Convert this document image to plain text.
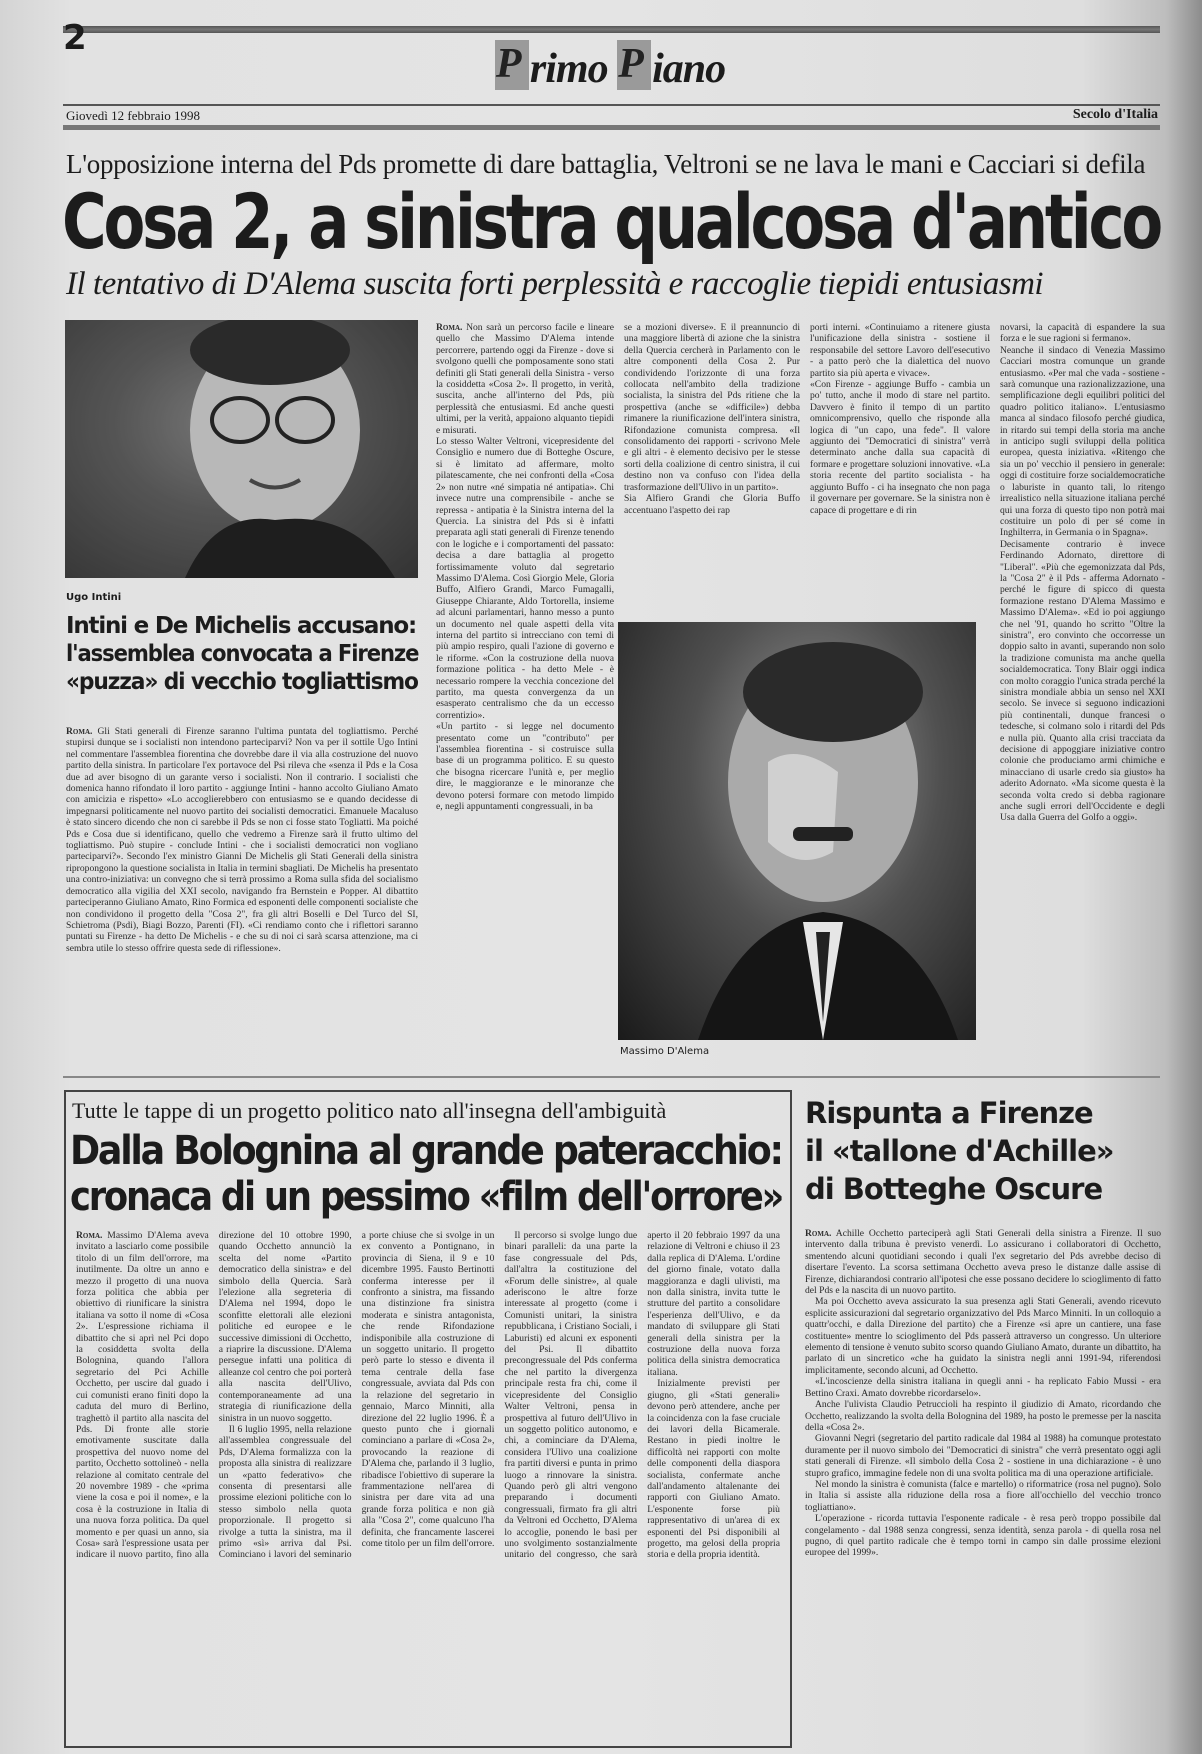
2
P rimo P iano
Giovedì 12 febbraio 1998	Secolo d'Italia
L'opposizione interna del Pds promette di dare battaglia, Veltroni se ne lava le mani e Cacciari si defila
Cosa 2, a sinistra qualcosa d'antico
Il tentativo di D'Alema suscita forti perplessità e raccoglie tiepidi entusiasmi
Ugo Intini
Intini e De Michelis accusano:
l'assemblea convocata a Firenze
«puzza» di vecchio togliattismo

Roma. Gli Stati generali di Firenze saranno l'ultima puntata del togliattismo. Perché stupirsi dunque se i socialisti non intendono parteciparvi? Non va per il sottile Ugo Intini nel commentare l'assemblea fiorentina che dovrebbe dare il via alla costruzione del nuovo partito della sinistra. In particolare l'ex portavoce del Psi rileva che «senza il Pds e la Cosa due ad aver bisogno di un garante verso i socialisti. Non il contrario. I socialisti che domenica hanno rifondato il loro partito - aggiunge Intini - hanno accolto Giuliano Amato con amicizia e rispetto» «Lo accoglierebbero con entusiasmo se e quando decidesse di impegnarsi politicamente nel nuovo partito dei socialisti democratici. Emanuele Macaluso è stato sincero dicendo che non ci sarebbe il Pds se non ci fosse stato Togliatti. Ma poiché Pds e Cosa due si identificano, quello che vedremo a Firenze sarà il frutto ultimo del togliattismo. Può stupire - conclude Intini - che i socialisti democratici non vogliano parteciparvi?». Secondo l'ex ministro Gianni De Michelis gli Stati Generali della sinistra ripropongono la questione socialista in Italia in termini sbagliati. De Michelis ha presentato una contro-iniziativa: un convegno che si terrà prossimo a Roma sulla sfida del socialismo democratico alla vigilia del XXI secolo, navigando fra Bernstein e Popper. Al dibattito parteciperanno Giuliano Amato, Rino Formica ed esponenti delle componenti socialiste che non condividono il progetto della "Cosa 2", fra gli altri Boselli e Del Turco del SI, Schietroma (Psdi), Biagi Bozzo, Parenti (FI). «Ci rendiamo conto che i riflettori saranno puntati su Firenze - ha detto De Michelis - e che su di noi ci sarà scarsa attenzione, ma ci sembra utile lo stesso offrire questa sede di riflessione».

Roma. Non sarà un percorso facile e lineare quello che Massimo D'Alema intende percorrere, partendo oggi da Firenze - dove si svolgono quelli che pomposamente sono stati definiti gli Stati generali della Sinistra - verso la cosiddetta «Cosa 2». Il progetto, in verità, suscita, anche all'interno del Pds, più perplessità che entusiasmi. Ed anche questi ultimi, per la verità, appaiono alquanto tiepidi e misurati.
Lo stesso Walter Veltroni, vicepresidente del Consiglio e numero due di Botteghe Oscure, si è limitato ad affermare, molto pilatescamente, che nei confronti della «Cosa 2» non nutre «né simpatia né antipatia». Chi invece nutre una comprensibile - anche se repressa - antipatia è la Sinistra interna del la Quercia. La sinistra del Pds si è infatti preparata agli stati generali di Firenze tenendo con le logiche e i comportamenti del passato: decisa a dare battaglia al progetto fortissimamente voluto dal segretario Massimo D'Alema. Così Giorgio Mele, Gloria Buffo, Alfiero Grandi, Marco Fumagalli, Giuseppe Chiarante, Aldo Tortorella, insieme ad alcuni parlamentari, hanno messo a punto un documento nel quale aspetti della vita interna del partito si intrecciano con temi di più ampio respiro, quali l'azione di governo e le riforme. «Con la costruzione della nuova formazione politica - ha detto Mele - è necessario rompere la vecchia concezione del partito, ma questa convergenza da un esasperato centralismo che da un eccesso correntizio».
«Un partito - si legge nel documento presentato come un "contributo" per l'assemblea fiorentina - si costruisce sulla base di un programma politico. E su questo che bisogna ricercare l'unità e, per meglio dire, le maggioranze e le minoranze che devono potersi formare con metodo limpido e, negli appuntamenti congressuali, in ba

se a mozioni diverse». E il preannuncio di una maggiore libertà di azione che la sinistra della Quercia cercherà in Parlamento con le altre componenti della Cosa 2. Pur condividendo l'orizzonte di una forza collocata nell'ambito della tradizione socialista, la sinistra del Pds ritiene che la prospettiva (anche se «difficile») debba rimanere la riunificazione dell'intera sinistra, Rifondazione comunista compresa. «Il consolidamento dei rapporti - scrivono Mele e gli altri - è elemento decisivo per le stesse sorti della coalizione di centro sinistra, il cui destino non va confuso con l'idea della trasformazione dell'Ulivo in un partito».
Sia Alfiero Grandi che Gloria Buffo accentuano l'aspetto dei rap

porti interni. «Continuiamo a ritenere giusta l'unificazione della sinistra - sostiene il responsabile del settore Lavoro dell'esecutivo - a patto però che la dialettica del nuovo partito sia più aperta e vivace».
«Con Firenze - aggiunge Buffo - cambia un po' tutto, anche il modo di stare nel partito. Davvero è finito il tempo di un partito omnicomprensivo, quello che risponde alla logica di "un capo, una fede". Il valore aggiunto dei "Democratici di sinistra" verrà determinato anche dalla sua capacità di formare e progettare soluzioni innovative. «La storia recente del partito socialista - ha aggiunto Buffo - ci ha insegnato che non paga il governare per governare. Se la sinistra non è capace di progettare e di rin

novarsi, la capacità di espandere la sua forza e le sue ragioni si fermano».
Neanche il sindaco di Venezia Massimo Cacciari mostra comunque un grande entusiasmo. «Per mal che vada - sostiene - sarà comunque una razionalizzazione, una semplificazione degli equilibri politici del quadro politico italiano». L'entusiasmo manca al sindaco filosofo perché giudica, in ritardo sui tempi della storia ma anche in anticipo sugli sviluppi della politica europea, questa iniziativa. «Ritengo che sia un po' vecchio il pensiero in generale: oggi di costituire forze socialdemocratiche o laburiste in quanto tali, lo ritengo irrealistico nella situazione italiana perché qui una forza di questo tipo non potrà mai costituire un polo di per sé come in Inghilterra, in Germania o in Spagna».
Decisamente contrario è invece Ferdinando Adornato, direttore di "Liberal". «Più che egemonizzata dal Pds, la "Cosa 2" è il Pds - afferma Adornato - perché le figure di spicco di questa formazione restano D'Alema Massimo e Massimo D'Alema». «Ed io poi aggiungo che nel '91, quando ho scritto "Oltre la sinistra", ero convinto che occorresse un doppio salto in avanti, superando non solo la tradizione comunista ma anche quella socialdemocratica. Tony Blair oggi indica con molto coraggio l'unica strada perché la sinistra mondiale abbia un senso nel XXI secolo. Se invece si seguono indicazioni più continentali, dunque francesi o tedesche, si colmano solo i ritardi del Pds e nulla più. Quanto alla crisi tracciata da decisione di appoggiare iniziative contro colonie che produciamo armi chimiche e minacciano di usarle credo sia giusto» ha aderito Adornato. «Ma sicome questa è la seconda volta credo si debba ragionare anche sugli errori dell'Occidente e degli Usa dalla Guerra del Golfo a oggi».

Massimo D'Alema
Tutte le tappe di un progetto politico nato all'insegna dell'ambiguità
Dalla Bolognina al grande pateracchio:
cronaca di un pessimo «film dell'orrore»

Roma. Massimo D'Alema aveva invitato a lasciarlo come possibile titolo di un film dell'orrore, ma inutilmente. Da oltre un anno e mezzo il progetto di una nuova forza politica che abbia per obiettivo di riunificare la sinistra italiana va sotto il nome di «Cosa 2». L'espressione richiama il dibattito che si aprì nel Pci dopo la cosiddetta svolta della Bolognina, quando l'allora segretario del Pci Achille Occhetto, per uscire dal guado i cui comunisti erano finiti dopo la caduta del muro di Berlino, traghettò il partito alla nascita del Pds. Di fronte alle storie emotivamente suscitate dalla prospettiva del nuovo nome del partito, Occhetto sottolineò - nella relazione al comitato centrale del 20 novembre 1989 - che «prima viene la cosa e poi il nome», e la cosa è la costruzione in Italia di una nuova forza politica. Da quel momento e per quasi un anno, sia Cosa» sarà l'espressione usata per indicare il nuovo partito, fino alla direzione del 10 ottobre 1990, quando Occhetto annunciò la scelta del nome «Partito democratico della sinistra» e del simbolo della Quercia. Sarà l'elezione alla segreteria di D'Alema nel 1994, dopo le sconfitte elettorali alle elezioni politiche ed europee e le successive dimissioni di Occhetto, a riaprire la discussione. D'Alema persegue infatti una politica di alleanze col centro che poi porterà alla nascita dell'Ulivo, contemporaneamente ad una strategia di riunificazione della sinistra in un nuovo soggetto.

Il 6 luglio 1995, nella relazione all'assemblea congressuale del Pds, D'Alema formalizza con la proposta alla sinistra di realizzare un «patto federativo» che consenta di presentarsi alle prossime elezioni politiche con lo stesso simbolo nella quota proporzionale. Il progetto si rivolge a tutta la sinistra, ma il primo «sì» arriva dal Psi. Cominciano i lavori del seminario a porte chiuse che si svolge in un ex convento a Pontignano, in provincia di Siena, il 9 e 10 dicembre 1995. Fausto Bertinotti conferma interesse per il confronto a sinistra, ma fissando una distinzione fra sinistra moderata e sinistra antagonista, che rende Rifondazione indisponibile alla costruzione di un soggetto unitario. Il progetto però parte lo stesso e diventa il tema centrale della fase congressuale, avviata dal Pds con la relazione del segretario in gennaio, Marco Minniti, alla direzione del 22 luglio 1996. È a questo punto che i giornali cominciano a parlare di «Cosa 2», provocando la reazione di D'Alema che, parlando il 3 luglio, ribadisce l'obiettivo di superare la frammentazione nell'area di sinistra per dare vita ad una grande forza politica e non già alla "Cosa 2", come qualcuno l'ha definita, che francamente lascerei come titolo per un film dell'orrore.

Il percorso si svolge lungo due binari paralleli: da una parte la fase congressuale del Pds, dall'altra la costituzione del «Forum delle sinistre», al quale aderiscono le altre forze interessate al progetto (come i Comunisti unitari, la sinistra repubblicana, i Cristiano Sociali, i Laburisti) ed alcuni ex esponenti del Psi. Il dibattito precongressuale del Pds conferma che nel partito la divergenza principale resta fra chi, come il vicepresidente del Consiglio Walter Veltroni, pensa in prospettiva al futuro dell'Ulivo in un soggetto politico autonomo, e chi, a cominciare da D'Alema, considera l'Ulivo una coalizione fra partiti diversi e punta in primo luogo a rinnovare la sinistra. Quando però gli altri vengono preparando i documenti congressuali, firmato fra gli altri da Veltroni ed Occhetto, D'Alema lo accoglie, ponendo le basi per uno svolgimento sostanzialmente unitario del congresso, che sarà aperto il 20 febbraio 1997 da una relazione di Veltroni e chiuso il 23 dalla replica di D'Alema. L'ordine del giorno finale, votato dalla maggioranza e dagli ulivisti, ma non dalla sinistra, invita tutte le strutture del partito a consolidare l'esperienza dell'Ulivo, e da mandato di sviluppare gli Stati generali della sinistra per la costruzione della nuova forza politica della sinistra democratica italiana.

Inizialmente previsti per giugno, gli «Stati generali» devono però attendere, anche per la coincidenza con la fase cruciale dei lavori della Bicamerale. Restano in piedi inoltre le difficoltà nei rapporti con molte delle componenti della diaspora socialista, confermate anche dall'andamento altalenante dei rapporti con Giuliano Amato. L'esponente forse più rappresentativo di un'area di ex esponenti del Psi disponibili al progetto, ma gelosi della propria storia e della propria identità.

Rispunta a Firenze
il «tallone d'Achille»
di Botteghe Oscure

Roma. Achille Occhetto parteciperà agli Stati Generali della sinistra a Firenze. Il suo intervento dalla tribuna è previsto venerdì. Lo assicurano i collaboratori di Occhetto, smentendo alcuni quotidiani secondo i quali l'ex segretario del Pds avrebbe deciso di disertare l'evento. La scorsa settimana Occhetto aveva preso le distanze dalle assise di Firenze, dichiarandosi contrario all'ipotesi che esse possano decidere lo scioglimento di fatto del Pds e la nascita di un nuovo partito.

Ma poi Occhetto aveva assicurato la sua presenza agli Stati Generali, avendo ricevuto esplicite assicurazioni dal segretario organizzativo del Pds Marco Minniti. In un colloquio a quattr'occhi, e dalla Direzione del partito) che a Firenze «si apre un cantiere, una fase costituente» mentre lo scioglimento del Pds passerà attraverso un congresso. Un ulteriore elemento di tensione è venuto subito scorso quando Giuliano Amato, durante un dibattito, ha parlato di un sincretico «che ha guidato la sinistra negli anni 1991-94, riferendosi implicitamente, secondo alcuni, ad Occhetto.

«L'incoscienze della sinistra italiana in quegli anni - ha replicato Fabio Mussi - era Bettino Craxi. Amato dovrebbe ricordarselo».

Anche l'ulivista Claudio Petruccioli ha respinto il giudizio di Amato, ricordando che Occhetto, realizzando la svolta della Bolognina del 1989, ha posto le premesse per la nascita della «Cosa 2».

Giovanni Negri (segretario del partito radicale dal 1984 al 1988) ha comunque protestato duramente per il nuovo simbolo dei "Democratici di sinistra" che verrà presentato oggi agli stati generali di Firenze. «Il simbolo della Cosa 2 - sostiene in una dichiarazione - è uno stupro grafico, immagine fedele non di una svolta politica ma di una operazione artificiale.

Nel mondo la sinistra è comunista (falce e martello) o riformatrice (rosa nel pugno). Solo in Italia si assiste alla riduzione della rosa a fiore all'occhiello del vecchio tronco togliattiano».

L'operazione - ricorda tuttavia l'esponente radicale - è resa però troppo possibile dal congelamento - dal 1988 senza congressi, senza identità, senza parola - di quella rosa nel pugno, di quel partito radicale che è tempo torni in campo sin dalle prossime elezioni europee del 1999».
